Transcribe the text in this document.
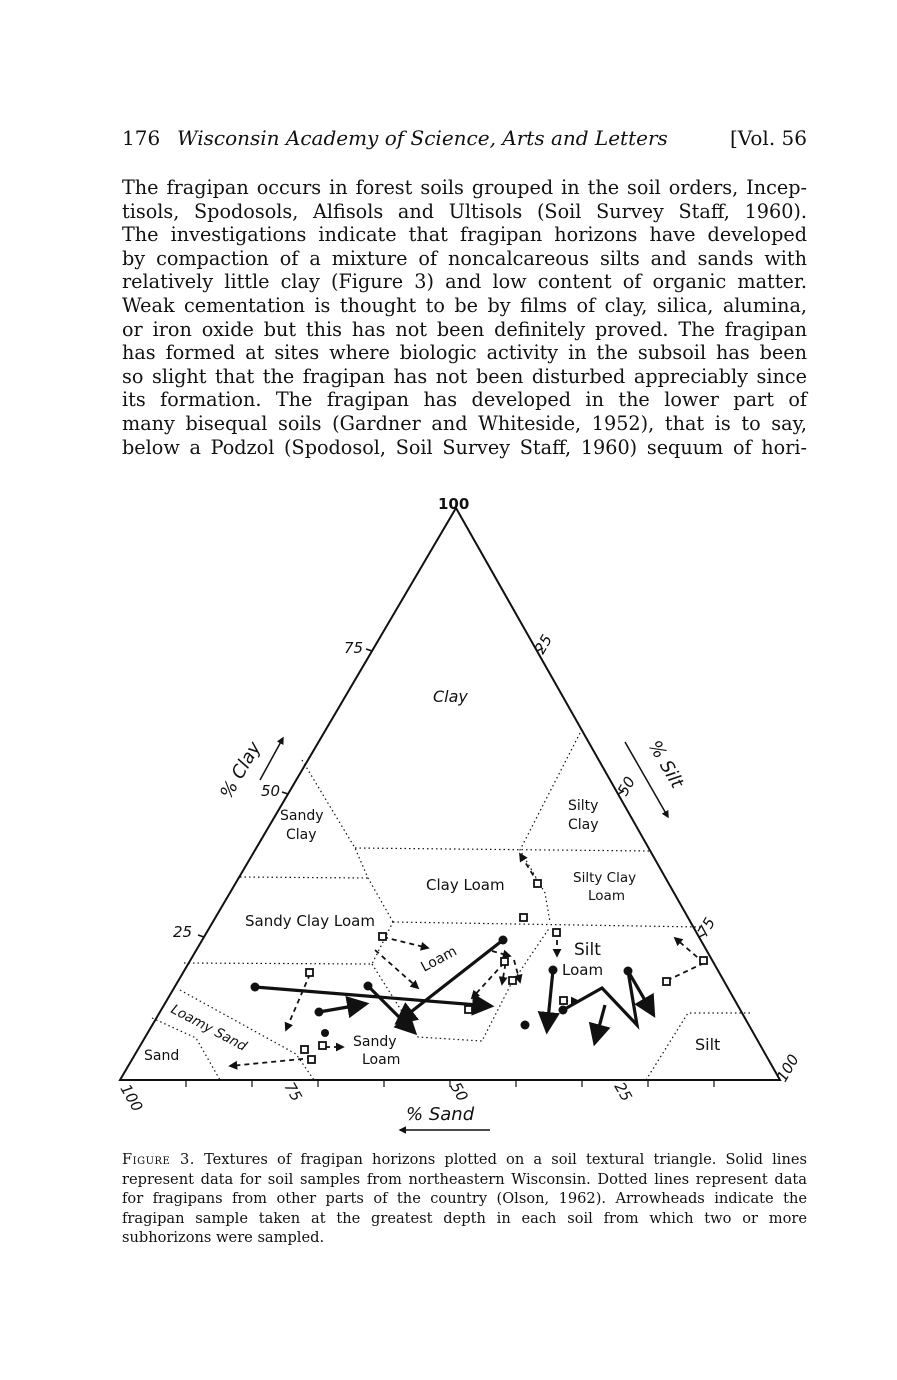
176 Wisconsin Academy of Science, Arts and Letters	[Vol. 56

The fragipan occurs in forest soils grouped in the soil orders, Incep-

tisols, Spodosols, Alfisols and Ultisols (Soil Survey Staff, 1960).

The investigations indicate that fragipan horizons have developed

by compaction of a mixture of noncalcareous silts and sands with

relatively little clay (Figure 3) and low content of organic matter.

Weak cementation is thought to be by films of clay, silica, alumina,

or iron oxide but this has not been definitely proved. The fragipan

has formed at sites where biologic activity in the subsoil has been

so slight that the fragipan has not been disturbed appreciably since

its formation. The fragipan has developed in the lower part of

many bisequal soils (Gardner and Whiteside, 1952), that is to say,

below a Podzol (Spodosol, Soil Survey Staff, 1960) sequum of hori-

100
75
50
25
25
50
75
100
100	75	50	25
% Clay	% Silt
% Sand
Clay
Sandy
Clay
Silty
Clay
Clay Loam	Silty Clay
Loam
Sandy Clay Loam
Loam	Silt
Loam
Sandy
Loam
Loamy Sand
Sand
Silt

Figure 3. Textures of fragipan horizons plotted on a soil textural triangle. Solid lines represent data for soil samples from northeastern Wisconsin. Dotted lines represent data for fragipans from other parts of the country (Olson, 1962). Arrowheads indicate the fragipan sample taken at the greatest depth in each soil from which two or more subhorizons were sampled.
